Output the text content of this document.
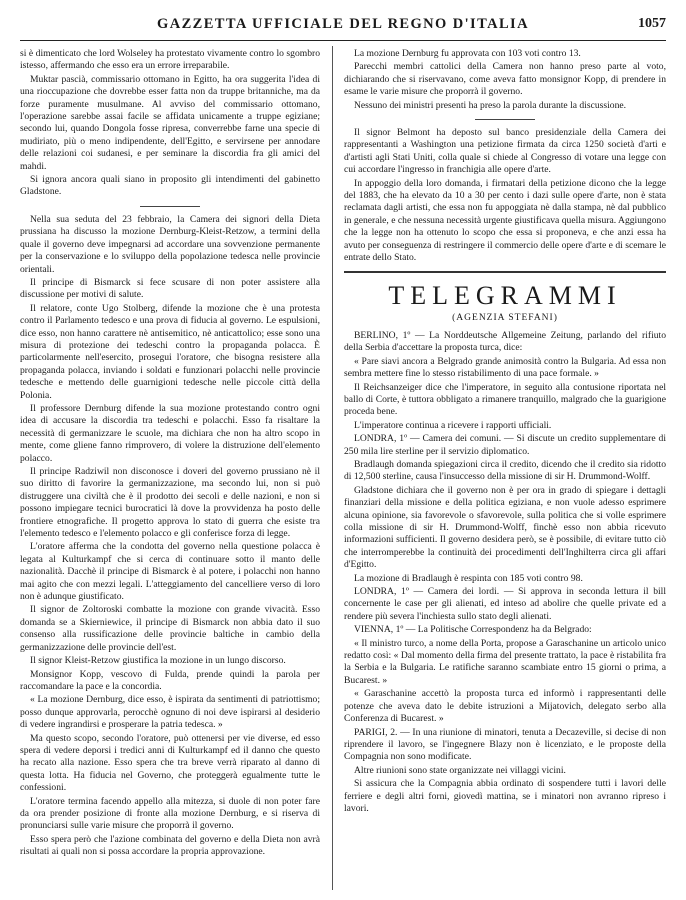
GAZZETTA UFFICIALE DEL REGNO D'ITALIA	1057

si è dimenticato che lord Wolseley ha protestato vivamente contro lo sgombro istesso, affermando che esso era un errore irreparabile.

Muktar pascià, commissario ottomano in Egitto, ha ora suggerita l'idea di una rioccupazione che dovrebbe esser fatta non da truppe britanniche, ma da forze puramente musulmane. Al avviso del commissario ottomano, l'operazione sarebbe assai facile se affidata unicamente a truppe egiziane; secondo lui, quando Dongola fosse ripresa, converrebbe farne una specie di mudiriato, più o meno indipendente, dell'Egitto, e servirsene per annodare delle relazioni coi sudanesi, e per seminare la discordia fra gli amici del mahdi.

Si ignora ancora quali siano in proposito gli intendimenti del gabinetto Gladstone.

Nella sua seduta del 23 febbraio, la Camera dei signori della Dieta prussiana ha discusso la mozione Dernburg-Kleist-Retzow, a termini della quale il governo deve impegnarsi ad accordare una sovvenzione permanente per la conservazione e lo sviluppo della popolazione tedesca nelle provincie orientali.

Il principe di Bismarck si fece scusare di non poter assistere alla discussione per motivi di salute.

Il relatore, conte Ugo Stolberg, difende la mozione che è una protesta contro il Parlamento tedesco e una prova di fiducia al governo. Le espulsioni, dice esso, non hanno carattere nè antisemitico, nè anticattolico; esse sono una misura di protezione dei tedeschi contro la propaganda polacca. È particolarmente nell'esercito, prosegui l'oratore, che bisogna resistere alla propaganda polacca, inviando i soldati e funzionari polacchi nelle provincie tedesche e mettendo delle guarnigioni tedesche nelle piccole città della Polonia.

Il professore Dernburg difende la sua mozione protestando contro ogni idea di accusare la discordia tra tedeschi e polacchi. Esso fa risaltare la necessità di germanizzare le scuole, ma dichiara che non ha altro scopo in mente, come gliene fanno rimprovero, di volere la distruzione dell'elemento polacco.

Il principe Radziwil non disconosce i doveri del governo prussiano nè il suo diritto di favorire la germanizzazione, ma secondo lui, non si può distruggere una civiltà che è il prodotto dei secoli e delle nazioni, e non si possono impiegare tecnici burocratici là dove la provvidenza ha posto delle frontiere etnografiche. Il progetto approva lo stato di guerra che esiste tra l'elemento tedesco e l'elemento polacco e gli conferisce forza di legge.

L'oratore afferma che la condotta del governo nella questione polacca è legata al Kulturkampf che si cerca di continuare sotto il manto delle nazionalità. Dacchè il principe di Bismarck è al potere, i polacchi non hanno mai agito che con mezzi legali. L'atteggiamento del cancelliere verso di loro non è adunque giustificato.

Il signor de Zoltoroski combatte la mozione con grande vivacità. Esso domanda se a Skierniewice, il principe di Bismarck non abbia dato il suo consenso alla russificazione delle provincie baltiche in cambio della germanizzazione delle provincie dell'est.

Il signor Kleist-Retzow giustifica la mozione in un lungo discorso.

Monsignor Kopp, vescovo di Fulda, prende quindi la parola per raccomandare la pace e la concordia.

« La mozione Dernburg, dice esso, è ispirata da sentimenti di patriottismo; posso dunque approvarla, perocchè ognuno di noi deve ispirarsi al desiderio di vedere ingrandirsi e prosperare la patria tedesca. »

Ma questo scopo, secondo l'oratore, può ottenersi per vie diverse, ed esso spera di vedere deporsi i tredici anni di Kulturkampf ed il danno che questo ha recato alla nazione. Esso spera che tra breve verrà riparato al danno di questa lotta. Ha fiducia nel Governo, che proteggerà egualmente tutte le confessioni.

L'oratore termina facendo appello alla mitezza, si duole di non poter fare da ora prender posizione di fronte alla mozione Dernburg, e si riserva di pronunciarsi sulle varie misure che proporrà il governo.

Esso spera però che l'azione combinata del governo e della Dieta non avrà risultati ai quali non si possa accordare la propria approvazione.

La mozione Dernburg fu approvata con 103 voti contro 13.

Parecchi membri cattolici della Camera non hanno preso parte al voto, dichiarando che si riservavano, come aveva fatto monsignor Kopp, di prendere in esame le varie misure che proporrà il governo.

Nessuno dei ministri presenti ha preso la parola durante la discussione.

Il signor Belmont ha deposto sul banco presidenziale della Camera dei rappresentanti a Washington una petizione firmata da circa 1250 società d'arti e d'artisti agli Stati Uniti, colla quale si chiede al Congresso di votare una legge con cui accordare l'ingresso in franchigia alle opere d'arte.

In appoggio della loro domanda, i firmatari della petizione dicono che la legge del 1883, che ha elevato da 10 a 30 per cento i dazi sulle opere d'arte, non è stata reclamata dagli artisti, che essa non fu appoggiata nè dalla stampa, nè dal pubblico in generale, e che nessuna necessità urgente giustificava quella misura. Aggiungono che la legge non ha ottenuto lo scopo che essa si proponeva, e che anzi essa ha avuto per conseguenza di restringere il commercio delle opere d'arte e di scemare le entrate dello Stato.

TELEGRAMMI
(AGENZIA STEFANI)

BERLINO, 1º — La Norddeutsche Allgemeine Zeitung, parlando del rifiuto della Serbia d'accettare la proposta turca, dice:

« Pare siavi ancora a Belgrado grande animosità contro la Bulgaria. Ad essa non sembra mettere fine lo stesso ristabilimento di una pace formale. »

Il Reichsanzeiger dice che l'imperatore, in seguito alla contusione riportata nel ballo di Corte, è tuttora obbligato a rimanere tranquillo, malgrado che la guarigione proceda bene.

L'imperatore continua a ricevere i rapporti ufficiali.

LONDRA, 1º — Camera dei comuni. — Si discute un credito supplementare di 250 mila lire sterline per il servizio diplomatico.

Bradlaugh domanda spiegazioni circa il credito, dicendo che il credito sia ridotto di 12,500 sterline, causa l'insuccesso della missione di sir H. Drummond-Wolff.

Gladstone dichiara che il governo non è per ora in grado di spiegare i dettagli finanziari della missione e della politica egiziana, e non vuole adesso esprimere alcuna opinione, sia favorevole o sfavorevole, sulla politica che si volle esprimere colla missione di sir H. Drummond-Wolff, finchè esso non abbia ricevuto informazioni sufficienti. Il governo desidera però, se è possibile, di evitare tutto ciò che interromperebbe la continuità dei procedimenti dell'Inghilterra circa gli affari d'Egitto.

La mozione di Bradlaugh è respinta con 185 voti contro 98.

LONDRA, 1º — Camera dei lordi. — Si approva in seconda lettura il bill concernente le case per gli alienati, ed inteso ad abolire che quelle private ed a rendere più severa l'inchiesta sullo stato degli alienati.

VIENNA, 1º — La Politische Correspondenz ha da Belgrado:

« Il ministro turco, a nome della Porta, propose a Garaschanine un articolo unico redatto così: « Dal momento della firma del presente trattato, la pace è ristabilita fra la Serbia e la Bulgaria. Le ratifiche saranno scambiate entro 15 giorni o prima, a Bucarest. »

« Garaschanine accettò la proposta turca ed informò i rappresentanti delle potenze che aveva dato le debite istruzioni a Mijatovich, delegato serbo alla Conferenza di Bucarest. »

PARIGI, 2. — In una riunione di minatori, tenuta a Decazeville, si decise di non riprendere il lavoro, se l'ingegnere Blazy non è licenziato, e le proposte della Compagnia non sono modificate.

Altre riunioni sono state organizzate nei villaggi vicini.

Si assicura che la Compagnia abbia ordinato di sospendere tutti i lavori delle ferriere e degli altri forni, giovedì mattina, se i minatori non avranno ripreso i lavori.
